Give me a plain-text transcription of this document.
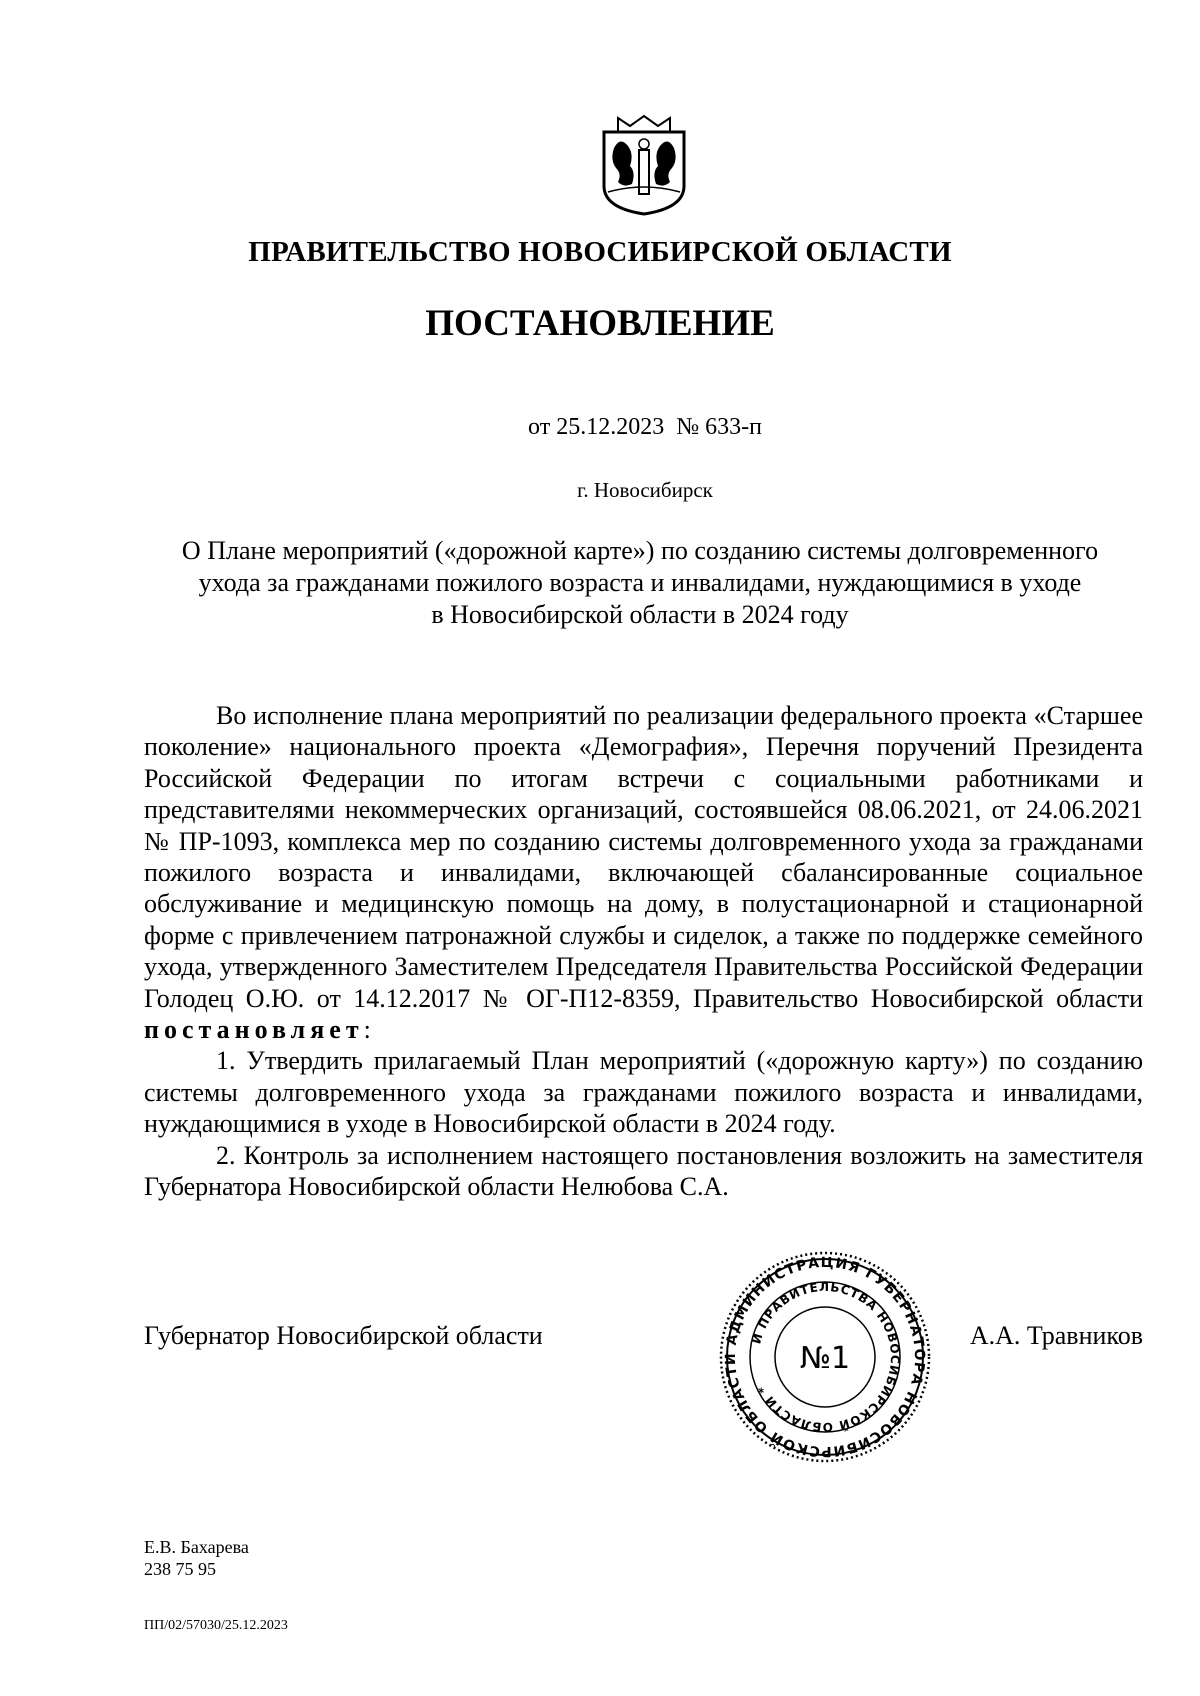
ПРАВИТЕЛЬСТВО НОВОСИБИРСКОЙ ОБЛАСТИ
ПОСТАНОВЛЕНИЕ
от 25.12.2023  № 633-п
г. Новосибирск
О Плане мероприятий («дорожной карте») по созданию системы долговременного
ухода за гражданами пожилого возраста и инвалидами, нуждающимися в уходе
в Новосибирской области в 2024 году

Во исполнение плана мероприятий по реализации федерального проекта «Старшее поколение» национального проекта «Демография», Перечня поручений Президента Российской Федерации по итогам встречи с социальными работниками и представителями некоммерческих организаций, состоявшейся 08.06.2021, от 24.06.2021 № ПР-1093, комплекса мер по созданию системы долговременного ухода за гражданами пожилого возраста и инвалидами, включающей сбалансированные социальное обслуживание и медицинскую помощь на дому, в полустационарной и стационарной форме с привлечением патронажной службы и сиделок, а также по поддержке семейного ухода, утвержденного Заместителем Председателя Правительства Российской Федерации Голодец О.Ю. от 14.12.2017 № ОГ-П12-8359, Правительство Новосибирской области постановляет:

1. Утвердить прилагаемый План мероприятий («дорожную карту») по созданию системы долговременного ухода за гражданами пожилого возраста и инвалидами, нуждающимися в уходе в Новосибирской области в 2024 году.

2. Контроль за исполнением настоящего постановления возложить на заместителя Губернатора Новосибирской области Нелюбова С.А.

Губернатор Новосибирской области	АДМИНИСТРАЦИЯ ГУБЕРНАТОРА НОВОСИБИРСКОЙ ОБЛАСТИ
И ПРАВИТЕЛЬСТВА НОВОСИБИРСКОЙ ОБЛАСТИ *
№1
А.А. Травников
Е.В. Бахарева
238 75 95
ПП/02/57030/25.12.2023
